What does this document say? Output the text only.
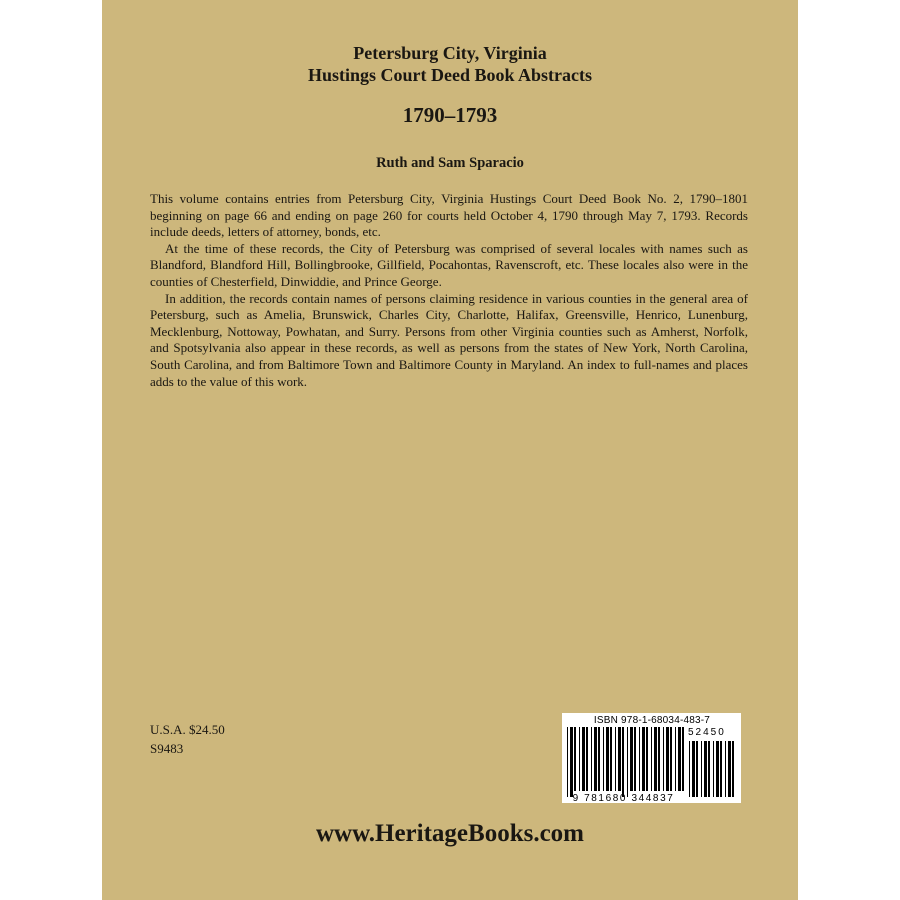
Petersburg City, Virginia
Hustings Court Deed Book Abstracts
1790–1793
Ruth and Sam Sparacio

This volume contains entries from Petersburg City, Virginia Hustings Court Deed Book No. 2, 1790–1801 beginning on page 66 and ending on page 260 for courts held October 4, 1790 through May 7, 1793. Records include deeds, letters of attorney, bonds, etc.

At the time of these records, the City of Petersburg was comprised of several locales with names such as Blandford, Blandford Hill, Bollingbrooke, Gillfield, Pocahontas, Ravenscroft, etc. These locales also were in the counties of Chesterfield, Dinwiddie, and Prince George.

In addition, the records contain names of persons claiming residence in various counties in the general area of Petersburg, such as Amelia, Brunswick, Charles City, Charlotte, Halifax, Greensville, Henrico, Lunenburg, Mecklenburg, Nottoway, Powhatan, and Surry. Persons from other Virginia counties such as Amherst, Norfolk, and Spotsylvania also appear in these records, as well as persons from the states of New York, North Carolina, South Carolina, and from Baltimore Town and Baltimore County in Maryland. An index to full-names and places adds to the value of this work.

U.S.A. $24.50
S9483
ISBN 978-1-68034-483-7
52450
9 781680 344837
www.HeritageBooks.com
